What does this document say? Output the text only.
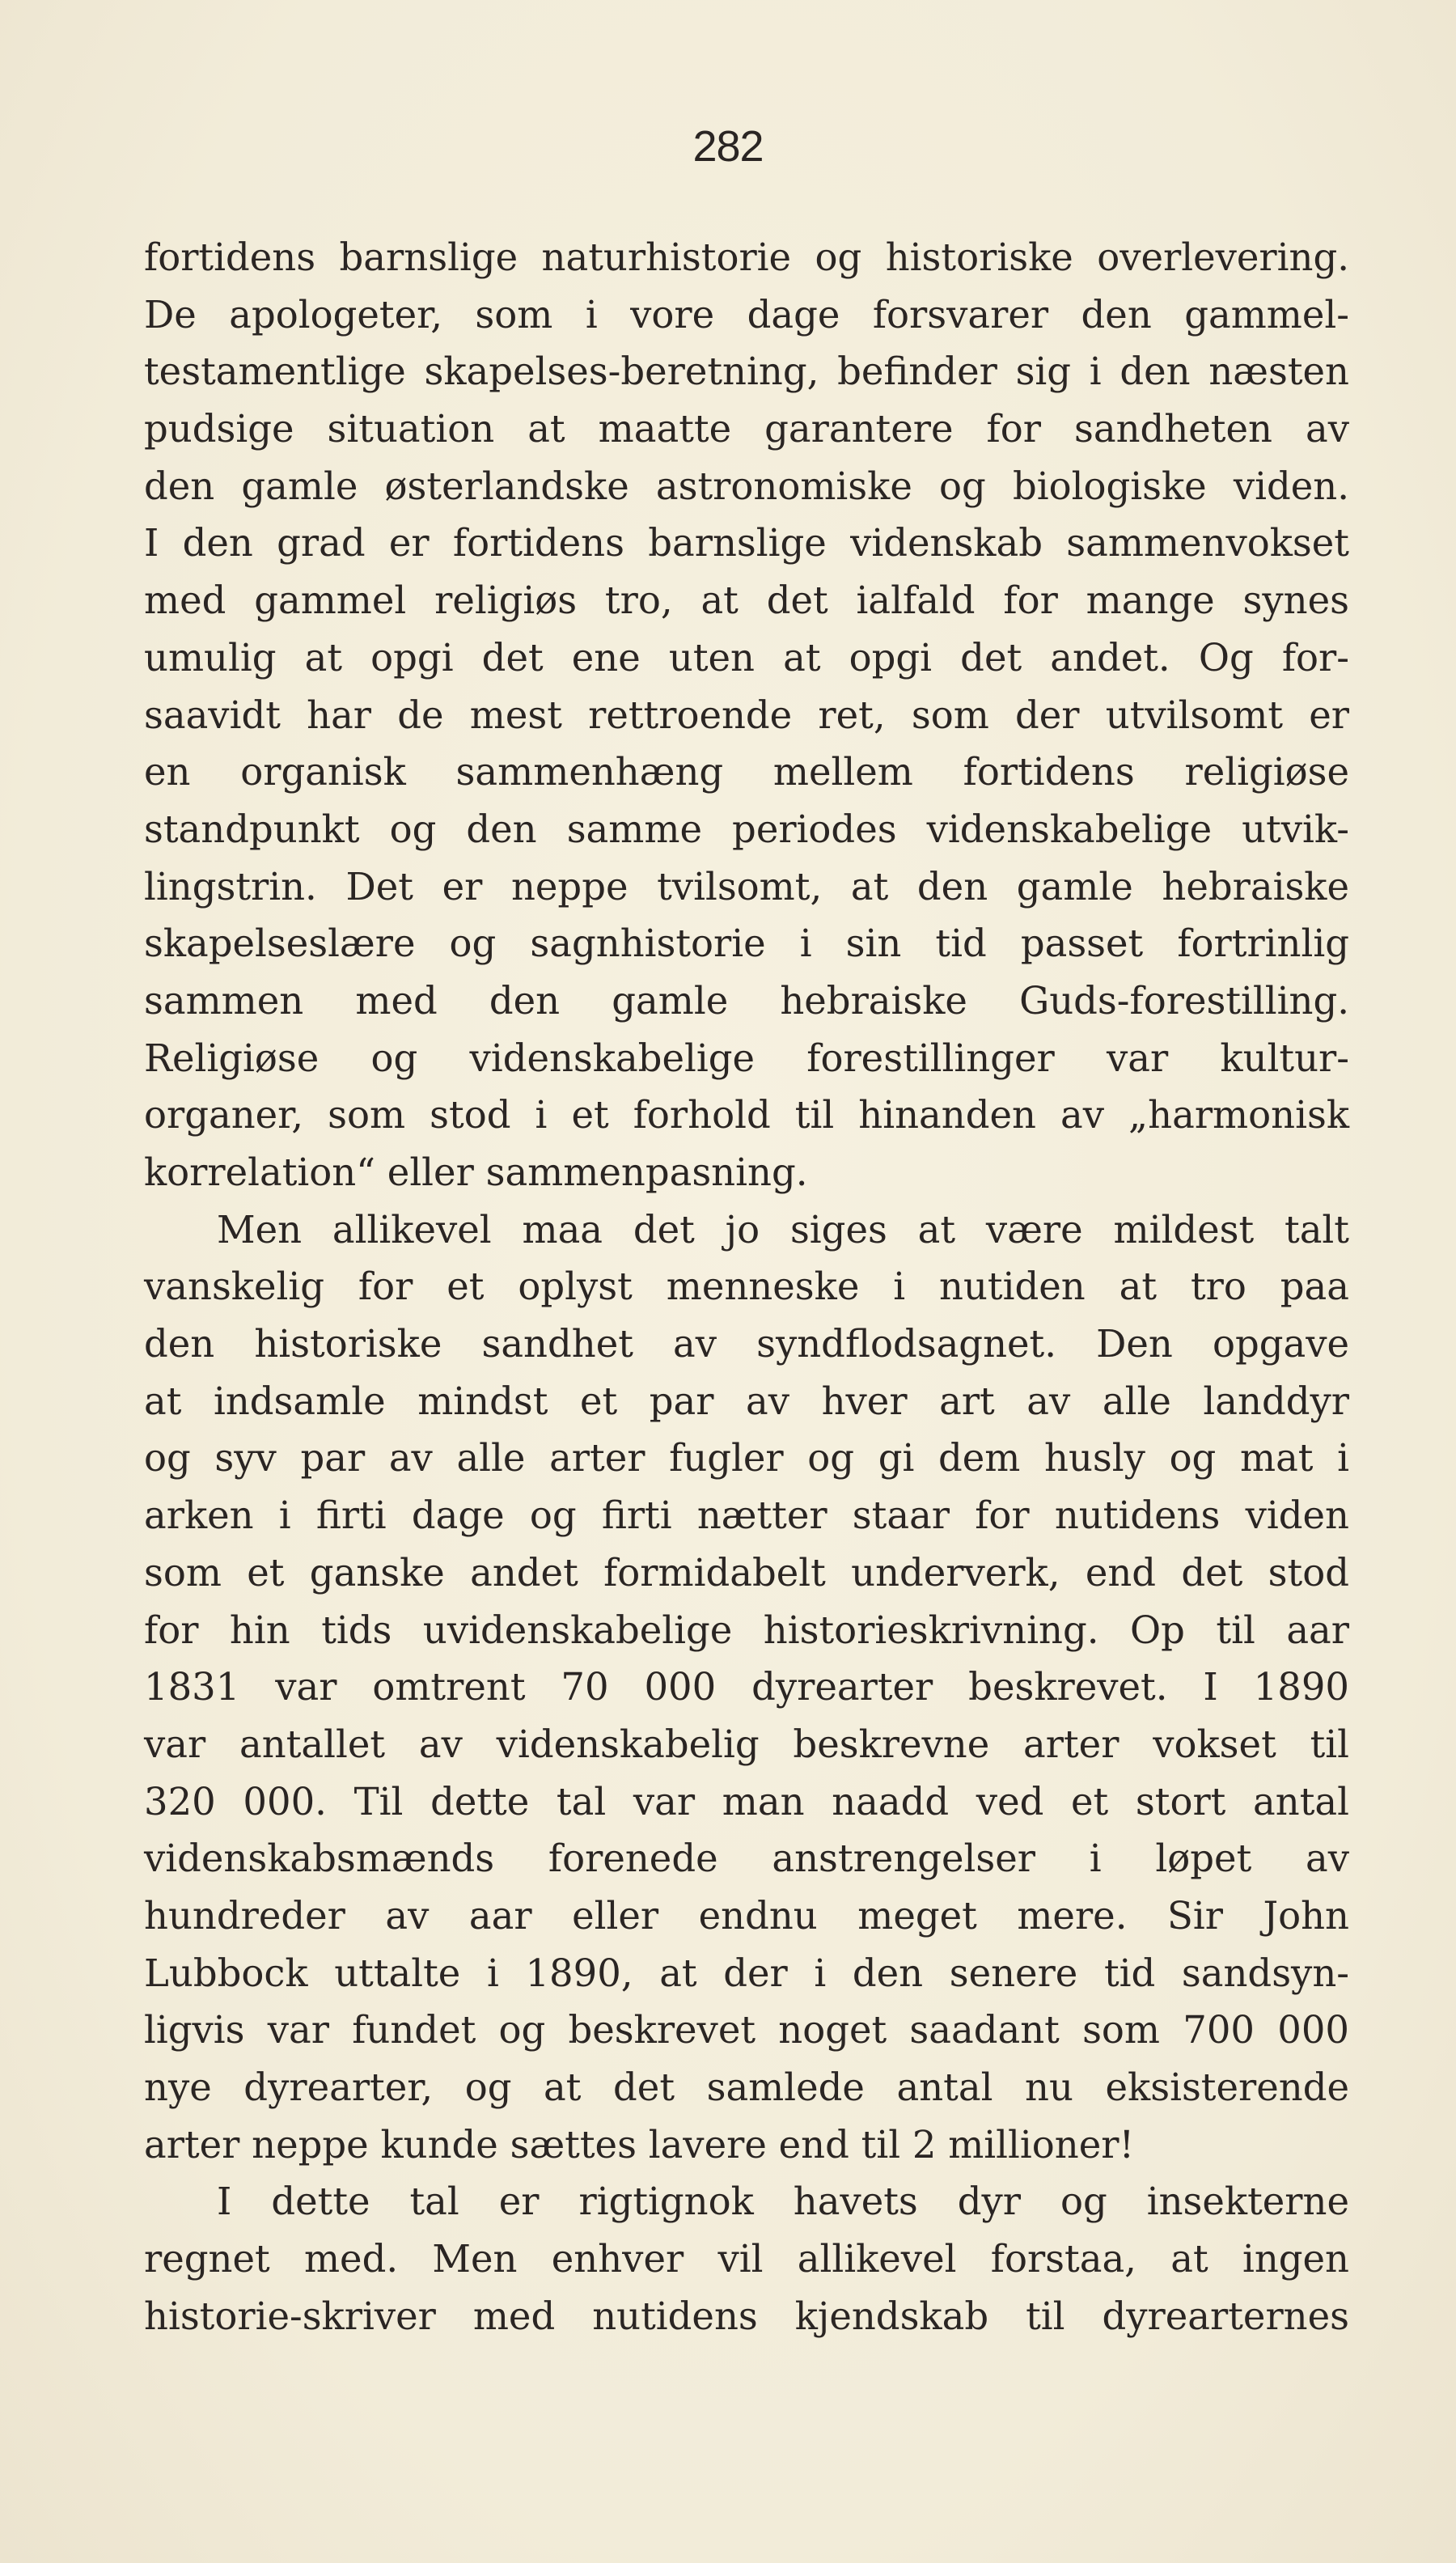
282
fortidens barnslige naturhistorie og historiske overlevering.
De apologeter, som i vore dage forsvarer den gammel-
testamentlige skapelses-beretning, befinder sig i den næsten
pudsige situation at maatte garantere for sandheten av
den gamle østerlandske astronomiske og biologiske viden.
I den grad er fortidens barnslige videnskab sammenvokset
med gammel religiøs tro, at det ialfald for mange synes
umulig at opgi det ene uten at opgi det andet. Og for-
saavidt har de mest rettroende ret, som der utvilsomt er
en organisk sammenhæng mellem fortidens religiøse
standpunkt og den samme periodes videnskabelige utvik-
lingstrin. Det er neppe tvilsomt, at den gamle hebraiske
skapelseslære og sagnhistorie i sin tid passet fortrinlig
sammen med den gamle hebraiske Guds-forestilling.
Religiøse og videnskabelige forestillinger var kultur-
organer, som stod i et forhold til hinanden av „harmonisk
korrelation“ eller sammenpasning.
Men allikevel maa det jo siges at være mildest talt
vanskelig for et oplyst menneske i nutiden at tro paa
den historiske sandhet av syndflodsagnet. Den opgave
at indsamle mindst et par av hver art av alle landdyr
og syv par av alle arter fugler og gi dem husly og mat i
arken i firti dage og firti nætter staar for nutidens viden
som et ganske andet formidabelt underverk, end det stod
for hin tids uvidenskabelige historieskrivning. Op til aar
1831 var omtrent 70 000 dyrearter beskrevet. I 1890
var antallet av videnskabelig beskrevne arter vokset til
320 000. Til dette tal var man naadd ved et stort antal
videnskabsmænds forenede anstrengelser i løpet av
hundreder av aar eller endnu meget mere. Sir John
Lubbock uttalte i 1890, at der i den senere tid sandsyn-
ligvis var fundet og beskrevet noget saadant som 700 000
nye dyrearter, og at det samlede antal nu eksisterende
arter neppe kunde sættes lavere end til 2 millioner!
I dette tal er rigtignok havets dyr og insekterne
regnet med. Men enhver vil allikevel forstaa, at ingen
historie-skriver med nutidens kjendskab til dyrearternes
